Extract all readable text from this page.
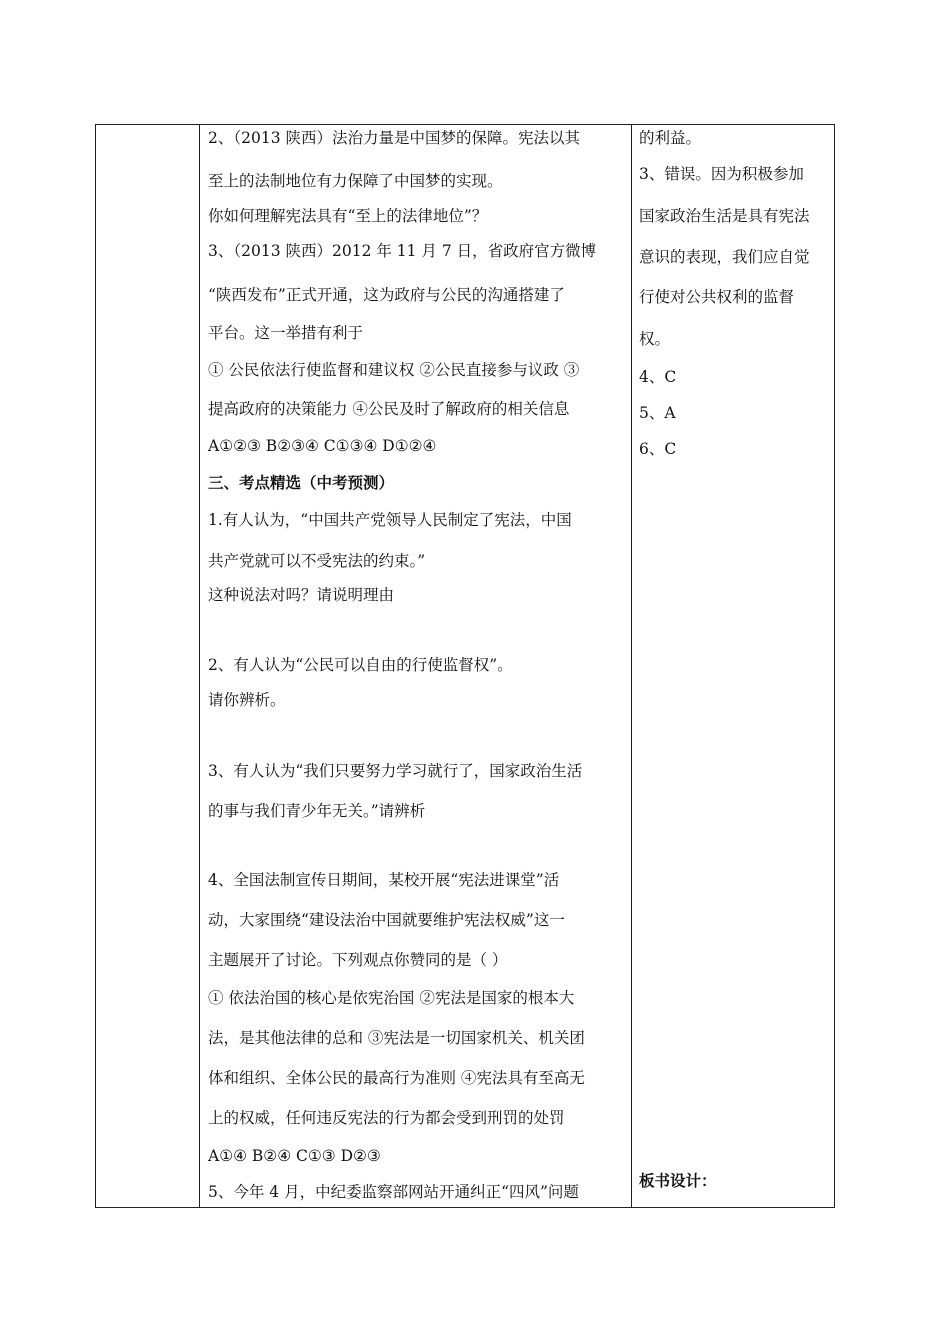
2、（2013 陕西）法治力量是中国梦的保障。宪法以其
至上的法制地位有力保障了中国梦的实现。
你如何理解宪法具有“至上的法律地位”？
3、（2013 陕西）2012 年 11 月 7 日，省政府官方微博
“陕西发布”正式开通，这为政府与公民的沟通搭建了
平台。这一举措有利于
① 公民依法行使监督和建议权 ②公民直接参与议政 ③
提高政府的决策能力 ④公民及时了解政府的相关信息
A①②③ B②③④ C①③④ D①②④
三、考点精选（中考预测）
1.有人认为，“中国共产党领导人民制定了宪法，中国
共产党就可以不受宪法的约束。”
这种说法对吗？请说明理由
2、有人认为“公民可以自由的行使监督权”。
请你辨析。
3、有人认为“我们只要努力学习就行了，国家政治生活
的事与我们青少年无关。”请辨析
4、全国法制宣传日期间，某校开展“宪法进课堂”活
动，大家围绕“建设法治中国就要维护宪法权威”这一
主题展开了讨论。下列观点你赞同的是（ ）
① 依法治国的核心是依宪治国 ②宪法是国家的根本大
法，是其他法律的总和 ③宪法是一切国家机关、机关团
体和组织、全体公民的最高行为准则 ④宪法具有至高无
上的权威，任何违反宪法的行为都会受到刑罚的处罚
A①④ B②④ C①③ D②③
5、今年 4 月，中纪委监察部网站开通纠正“四风”问题
的利益。
3、错误。因为积极参加
国家政治生活是具有宪法
意识的表现，我们应自觉
行使对公共权利的监督
权。
4、C
5、A
6、C
板书设计：
